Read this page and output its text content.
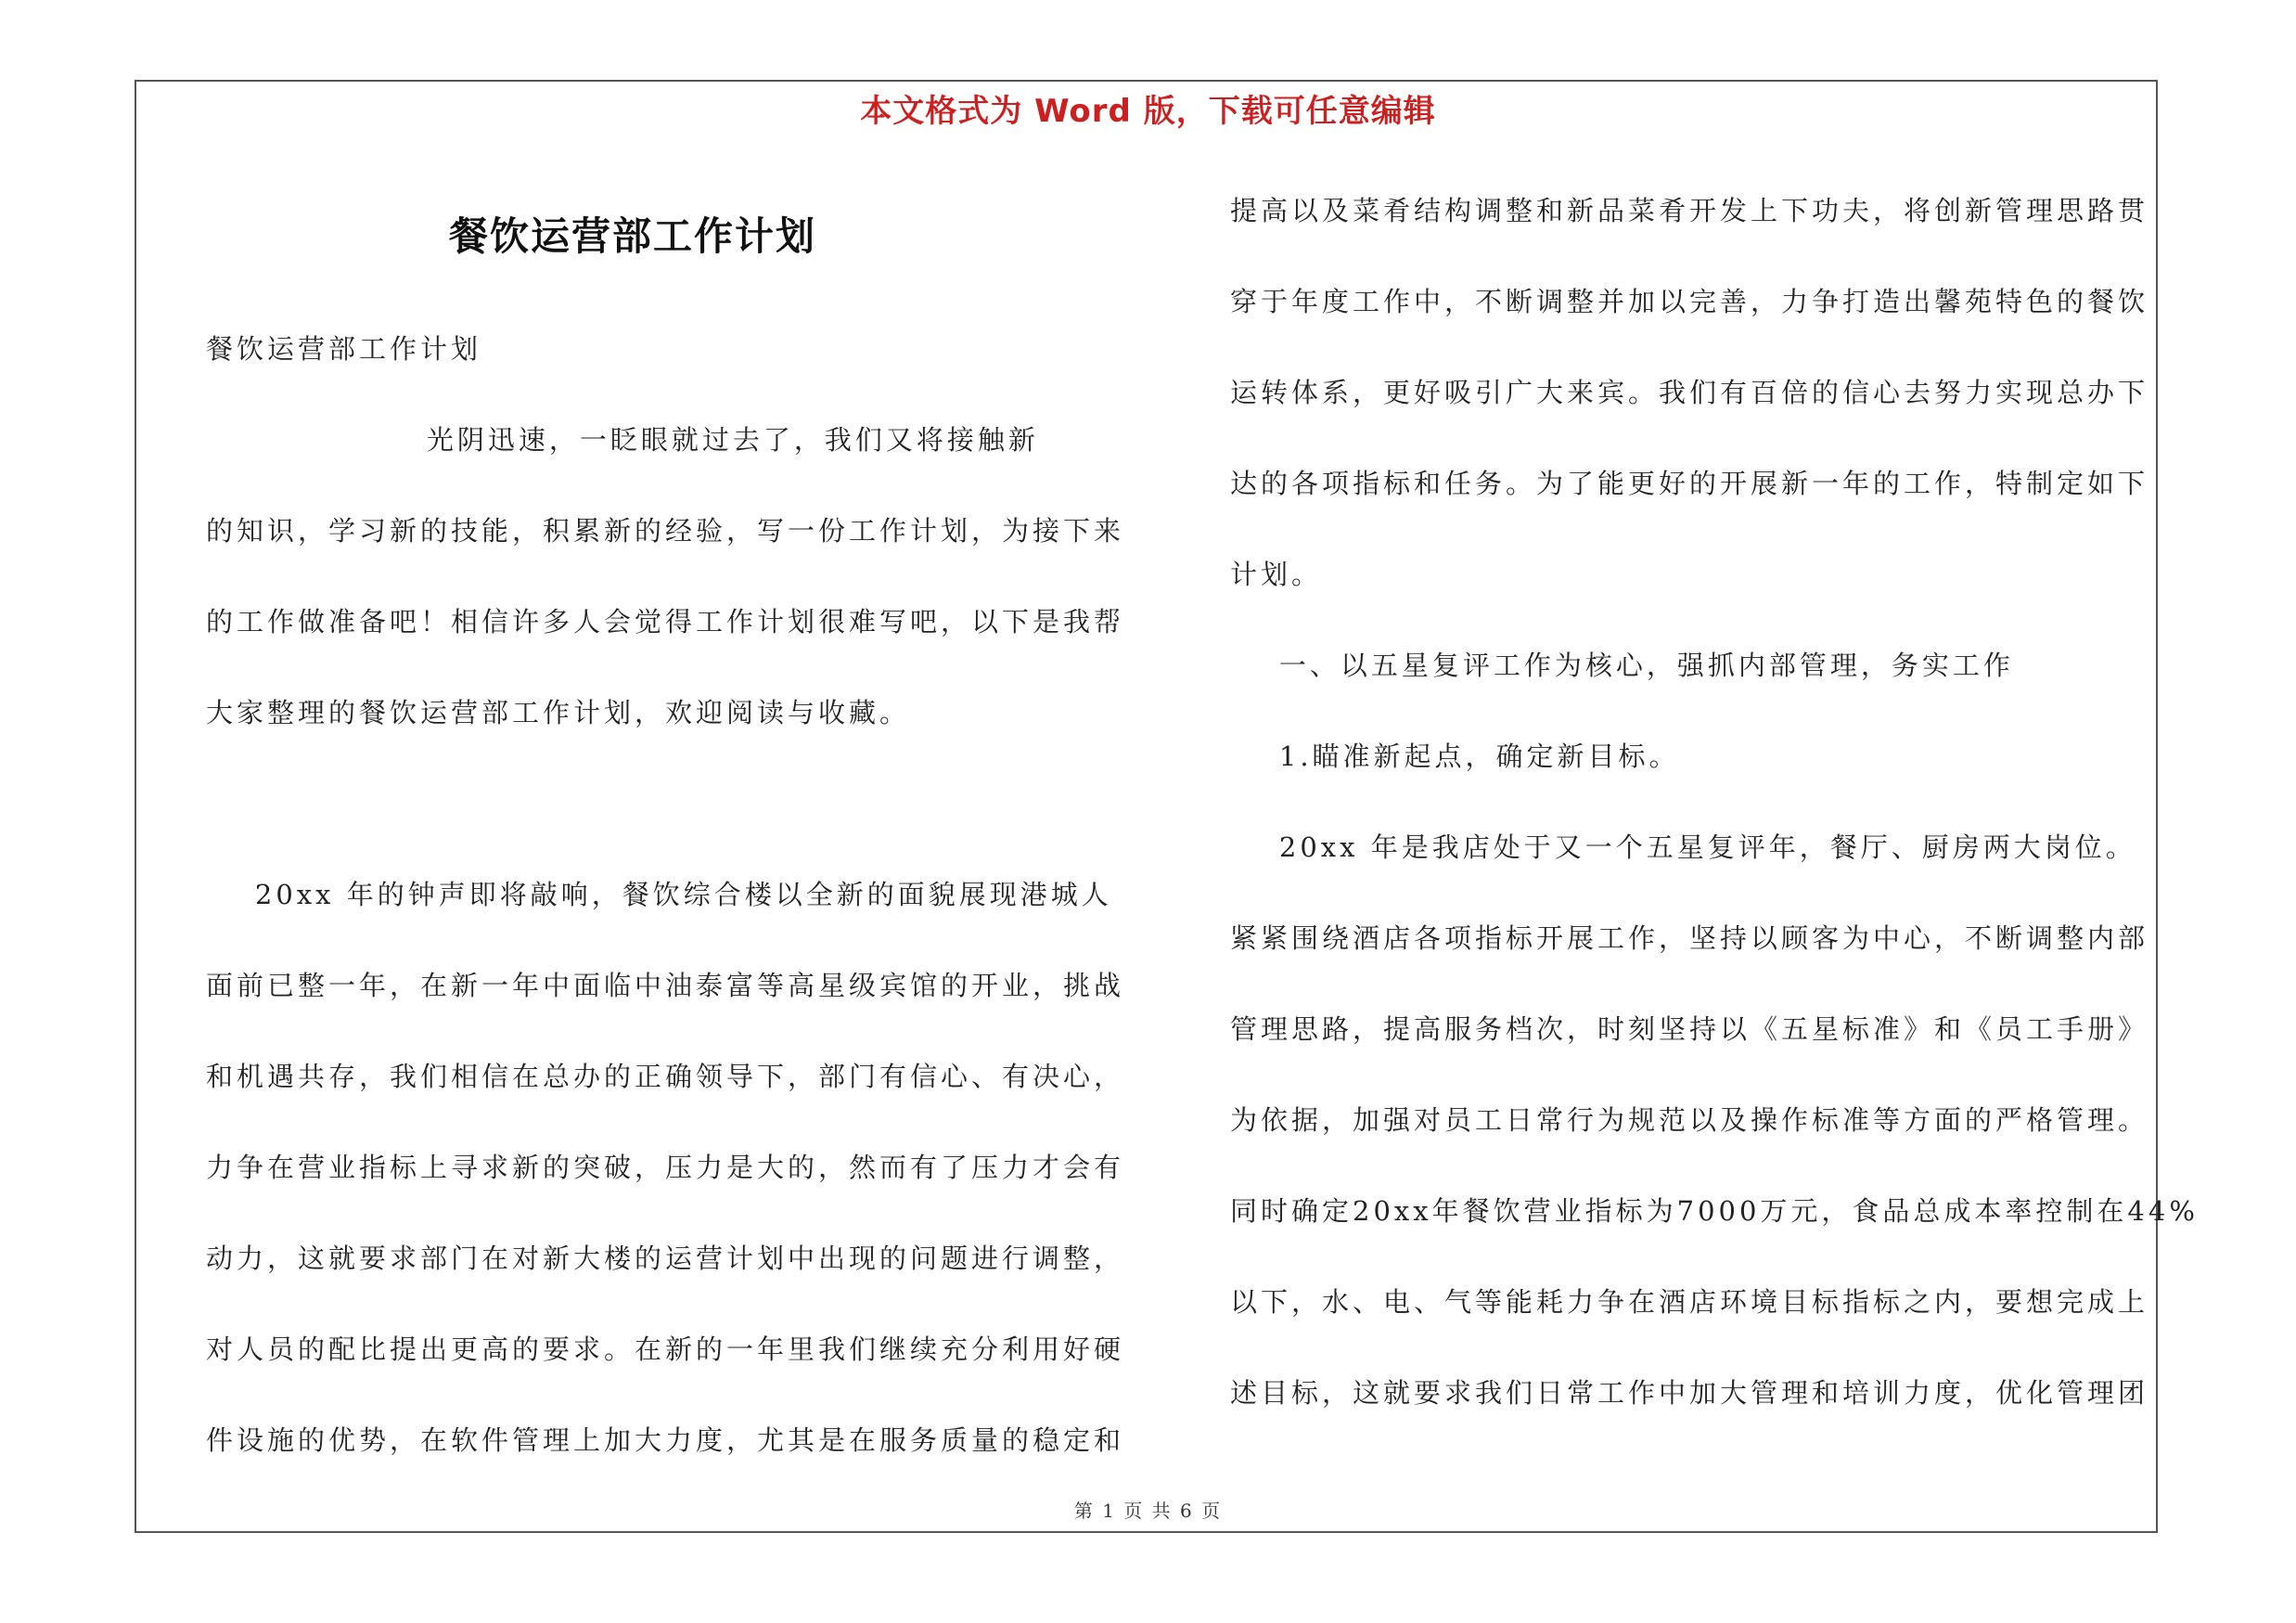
本文格式为 Word 版，下载可任意编辑
餐饮运营部工作计划
餐饮运营部工作计划
光阴迅速，一眨眼就过去了，我们又将接触新
的知识，学习新的技能，积累新的经验，写一份工作计划，为接下来
的工作做准备吧！相信许多人会觉得工作计划很难写吧，以下是我帮
大家整理的餐饮运营部工作计划，欢迎阅读与收藏。
20xx 年的钟声即将敲响，餐饮综合楼以全新的面貌展现港城人
面前已整一年，在新一年中面临中油泰富等高星级宾馆的开业，挑战
和机遇共存，我们相信在总办的正确领导下，部门有信心、有决心，
力争在营业指标上寻求新的突破，压力是大的，然而有了压力才会有
动力，这就要求部门在对新大楼的运营计划中出现的问题进行调整，
对人员的配比提出更高的要求。在新的一年里我们继续充分利用好硬
件设施的优势，在软件管理上加大力度，尤其是在服务质量的稳定和
提高以及菜肴结构调整和新品菜肴开发上下功夫，将创新管理思路贯
穿于年度工作中，不断调整并加以完善，力争打造出馨苑特色的餐饮
运转体系，更好吸引广大来宾。我们有百倍的信心去努力实现总办下
达的各项指标和任务。为了能更好的开展新一年的工作，特制定如下
计划。
一、以五星复评工作为核心，强抓内部管理，务实工作
1.瞄准新起点，确定新目标。
20xx 年是我店处于又一个五星复评年，餐厅、厨房两大岗位。
紧紧围绕酒店各项指标开展工作，坚持以顾客为中心，不断调整内部
管理思路，提高服务档次，时刻坚持以《五星标准》和《员工手册》
为依据，加强对员工日常行为规范以及操作标准等方面的严格管理。
同时确定20xx年餐饮营业指标为7000万元，食品总成本率控制在44%
以下，水、电、气等能耗力争在酒店环境目标指标之内，要想完成上
述目标，这就要求我们日常工作中加大管理和培训力度，优化管理团
第 1 页 共 6 页
